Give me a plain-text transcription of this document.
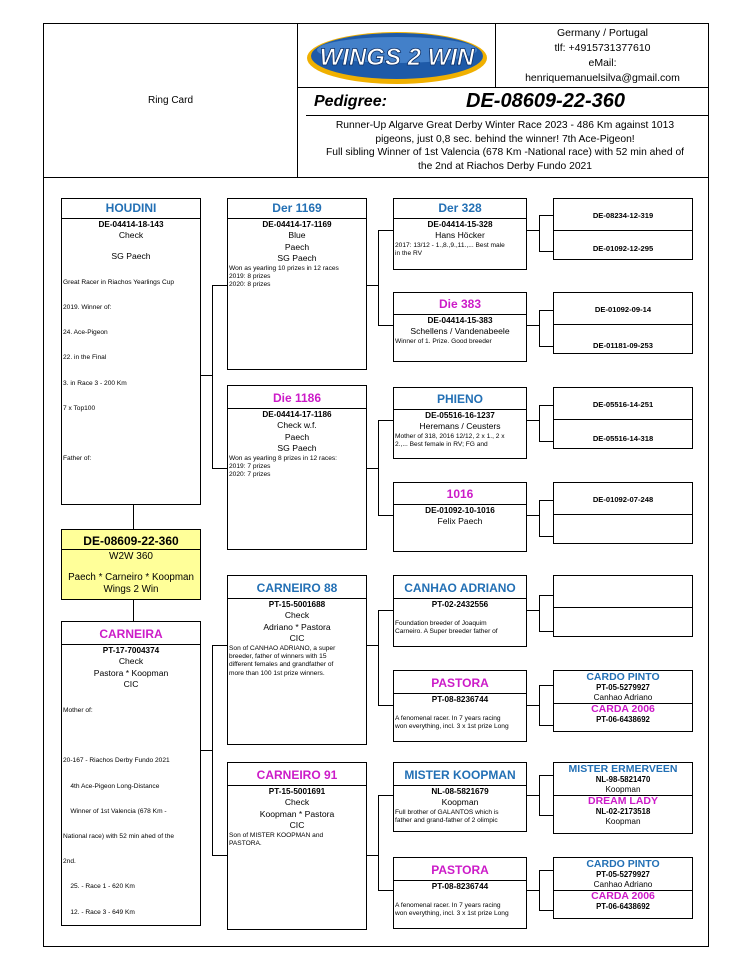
Ring Card
WINGS 2 WIN
Germany / Portugal
tlf: +4915731377610
eMail:
henriquemanuelsilva@gmail.com
Pedigree:	DE-08609-22-360
Runner-Up Algarve Great Derby Winter Race 2023 - 486 Km against 1013
pigeons, just 0,8 sec. behind the winner! 7th Ace-Pigeon!
Full sibling Winner of 1st Valencia (678 Km -National race) with 52 min ahed of
the 2nd at Riachos Derby Fundo 2021
HOUDINI
DE-04414-18-143
Check
SG Paech

Great Racer in Riachos Yearlings Cup

2019. Winner of:

24. Ace-Pigeon

22. in the Final

3. in Race 3 - 200 Km

7 x Top100

Father of:

DE-08609-22-360
W2W 360
Paech * Carneiro * Koopman
Wings 2 Win
CARNEIRA
PT-17-7004374
Check
Pastora * Koopman
CIC

Mother of:

20-167 - Riachos Derby Fundo 2021

4th Ace-Pigeon Long-Distance

Winner of 1st Valencia (678 Km -

National race) with 52 min ahed of the

2nd.

25. - Race 1 - 620 Km

12. - Race 3 - 649 Km

Der 1169
DE-04414-17-1169
Blue
Paech
SG Paech
Won as yearling 10 prizes in 12 races
2019: 8 prizes
2020: 8 prizes
Die 1186
DE-04414-17-1186
Check w.f.
Paech
SG Paech
Won as yearling 8 prizes in 12 races:
2019: 7 prizes
2020: 7 prizes
CARNEIRO 88
PT-15-5001688
Check
Adriano * Pastora
CIC
Son of CANHAO ADRIANO, a super
breeder, father of winners with 15
different females and grandfather of
more than 100 1st prize winners.
CARNEIRO 91
PT-15-5001691
Check
Koopman * Pastora
CIC
Son of MISTER KOOPMAN and
PASTORA.
Der 328
DE-04414-15-328
Hans Höcker
2017: 13/12 - 1.,8.,9.,11.,... Best male
in the RV
Die 383
DE-04414-15-383
Schellens / Vandenabeele
Winner of 1. Prize. Good breeder
PHIENO
DE-05516-16-1237
Heremans / Ceusters
Mother of 318, 2016 12/12, 2 x 1., 2 x
2.,... Best female in RV; FG and
1016
DE-01092-10-1016
Felix Paech
CANHAO ADRIANO
PT-02-2432556
Foundation breeder of Joaquim
Carneiro. A Super breeder father of
PASTORA
PT-08-8236744
A fenomenal racer. In 7 years racing
won everything, incl. 3 x 1st prize Long
MISTER KOOPMAN
NL-08-5821679
Koopman
Full brother of GALANTOS which is
father and grand-father of 2 olimpic
PASTORA
PT-08-8236744
A fenomenal racer. In 7 years racing
won everything, incl. 3 x 1st prize Long
DE-08234-12-319
DE-01092-12-295
DE-01092-09-14
DE-01181-09-253
DE-05516-14-251
DE-05516-14-318
DE-01092-07-248
CARDO PINTO
PT-05-5279927
Canhao Adriano
CARDA 2006
PT-06-6438692
MISTER ERMERVEEN
NL-98-5821470
Koopman
DREAM LADY
NL-02-2173518
Koopman
CARDO PINTO
PT-05-5279927
Canhao Adriano
CARDA 2006
PT-06-6438692
